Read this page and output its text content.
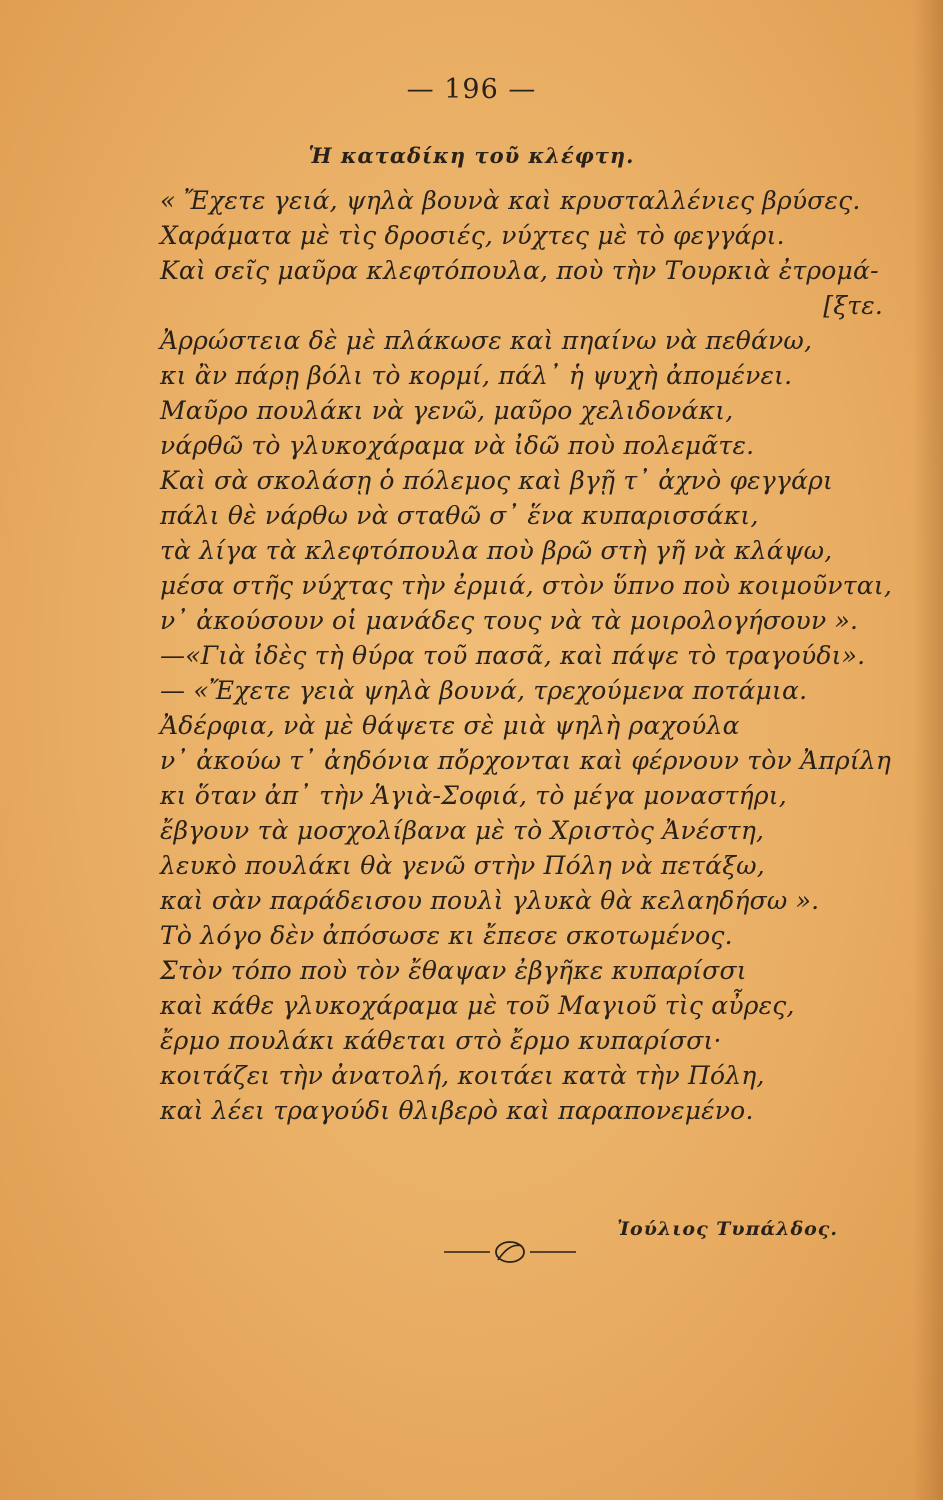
— 196 —
Ἡ καταδίκη τοῦ κλέφτη.
« Ἔχετε γειά, ψηλὰ βουνὰ καὶ κρυσταλλένιες βρύσες.
Χαράματα μὲ τὶς δροσιές, νύχτες μὲ τὸ φεγγάρι.
Καὶ σεῖς μαῦρα κλεφτόπουλα, ποὺ τὴν Τουρκιὰ ἐτρομά-
[ξτε.
Ἀρρώστεια δὲ μὲ πλάκωσε καὶ πηαίνω νὰ πεθάνω,
κι ἂν πάρῃ βόλι τὸ κορμί, πάλ᾽ ἡ ψυχὴ ἀπομένει.
Μαῦρο πουλάκι νὰ γενῶ, μαῦρο χελιδονάκι,
νάρθῶ τὸ γλυκοχάραμα νὰ ἰδῶ ποὺ πολεμᾶτε.
Καὶ σὰ σκολάσῃ ὁ πόλεμος καὶ βγῇ τ᾽ ἀχνὸ φεγγάρι
πάλι θὲ νάρθω νὰ σταθῶ σ᾽ ἕνα κυπαρισσάκι,
τὰ λίγα τὰ κλεφτόπουλα ποὺ βρῶ στὴ γῆ νὰ κλάψω,
μέσα στῆς νύχτας τὴν ἐρμιά, στὸν ὕπνο ποὺ κοιμοῦνται,
ν᾽ ἀκούσουν οἱ μανάδες τους νὰ τὰ μοιρολογήσουν ».
—«Γιὰ ἰδὲς τὴ θύρα τοῦ πασᾶ, καὶ πάψε τὸ τραγούδι».
— «Ἔχετε γειὰ ψηλὰ βουνά, τρεχούμενα ποτάμια.
Ἀδέρφια, νὰ μὲ θάψετε σὲ μιὰ ψηλὴ ραχούλα
ν᾽ ἀκούω τ᾽ ἀηδόνια πὄρχονται καὶ φέρνουν τὸν Ἀπρίλη
κι ὅταν ἀπ᾽ τὴν Ἁγιὰ-Σοφιά, τὸ μέγα μοναστήρι,
ἔβγουν τὰ μοσχολίβανα μὲ τὸ Χριστὸς Ἀνέστη,
λευκὸ πουλάκι θὰ γενῶ στὴν Πόλη νὰ πετάξω,
καὶ σὰν παράδεισου πουλὶ γλυκὰ θὰ κελαηδήσω ».
Τὸ λόγο δὲν ἀπόσωσε κι ἔπεσε σκοτωμένος.
Στὸν τόπο ποὺ τὸν ἔθαψαν ἐβγῆκε κυπαρίσσι
καὶ κάθε γλυκοχάραμα μὲ τοῦ Μαγιοῦ τὶς αὖρες,
ἔρμο πουλάκι κάθεται στὸ ἔρμο κυπαρίσσι·
κοιτάζει τὴν ἀνατολή, κοιτάει κατὰ τὴν Πόλη,
καὶ λέει τραγούδι θλιβερὸ καὶ παραπονεμένο.
Ἰούλιος Τυπάλδος.
